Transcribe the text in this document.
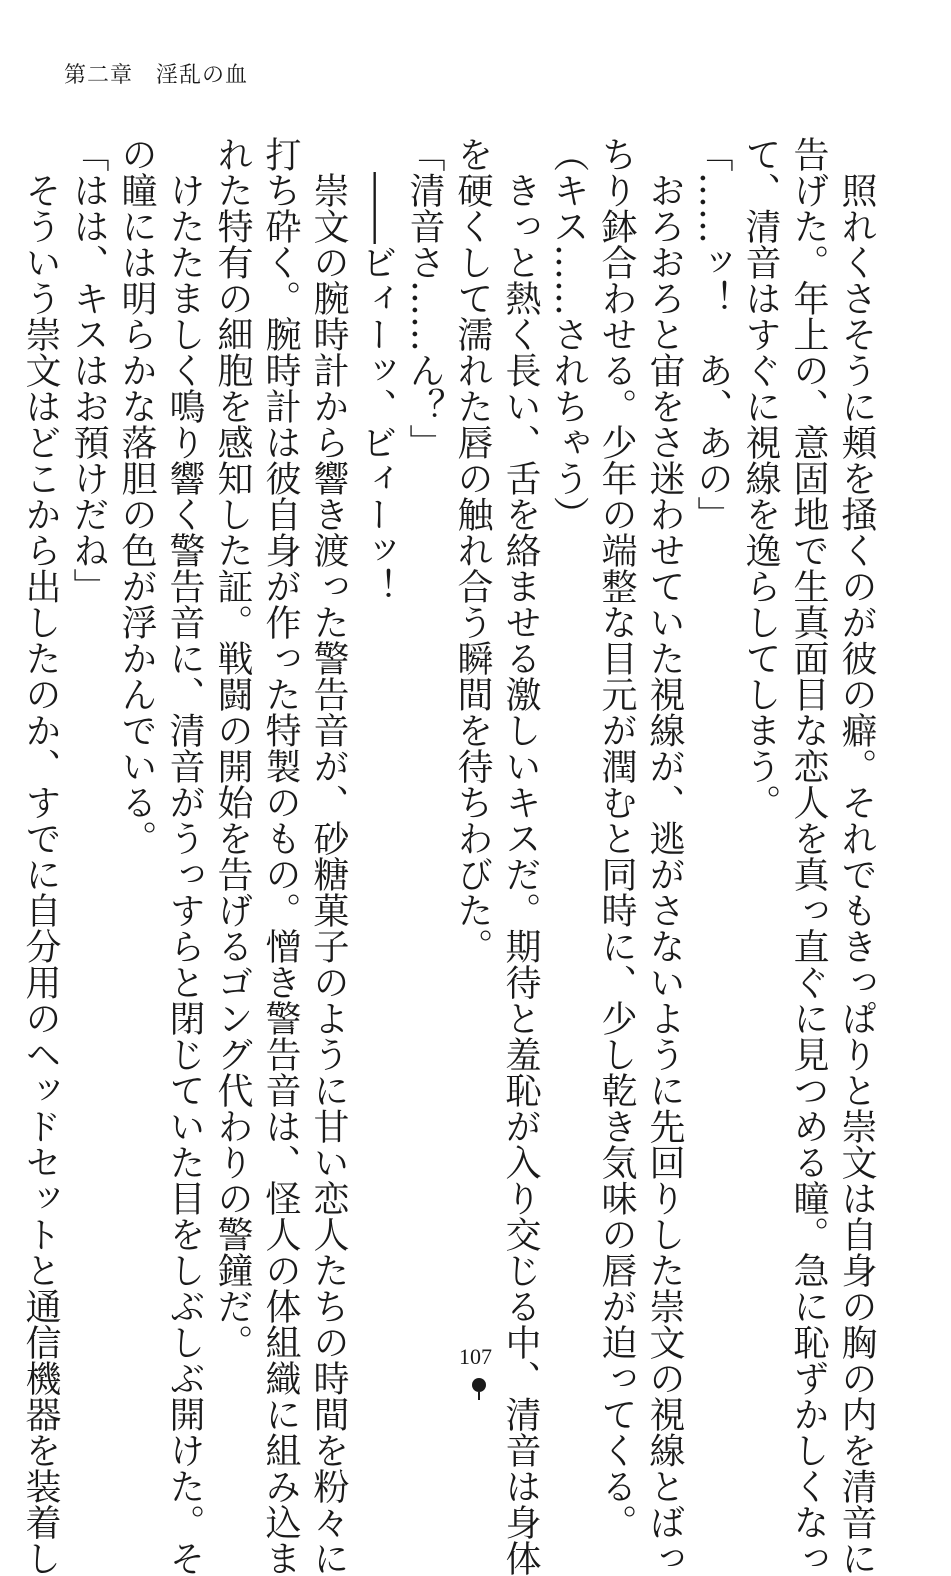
第二章　淫乱の血

　照れくさそうに頬を掻くのが彼の癖。それでもきっぱりと崇文は自身の胸の内を清音に

告げた。年上の、意固地で生真面目な恋人を真っ直ぐに見つめる瞳。急に恥ずかしくなっ

て、清音はすぐに視線を逸らしてしまう。

「……ッ！　あ、あの」

　おろおろと宙をさ迷わせていた視線が、逃がさないように先回りした崇文の視線とばっ

ちり鉢合わせる。少年の端整な目元が潤むと同時に、少し乾き気味の唇が迫ってくる。

（キス……されちゃう）

　きっと熱く長い、舌を絡ませる激しいキスだ。期待と羞恥が入り交じる中、清音は身体

を硬くして濡れた唇の触れ合う瞬間を待ちわびた。

「清音さ……ん？」

　――ビィーッ、ビィーッ！

　崇文の腕時計から響き渡った警告音が、砂糖菓子のように甘い恋人たちの時間を粉々に

打ち砕く。腕時計は彼自身が作った特製のもの。憎き警告音は、怪人の体組織に組み込ま

れた特有の細胞を感知した証。戦闘の開始を告げるゴング代わりの警鐘だ。

　けたたましく鳴り響く警告音に、清音がうっすらと閉じていた目をしぶしぶ開けた。そ

の瞳には明らかな落胆の色が浮かんでいる。

「はは、キスはお預けだね」

　そういう崇文はどこから出したのか、すでに自分用のヘッドセットと通信機器を装着し	107
